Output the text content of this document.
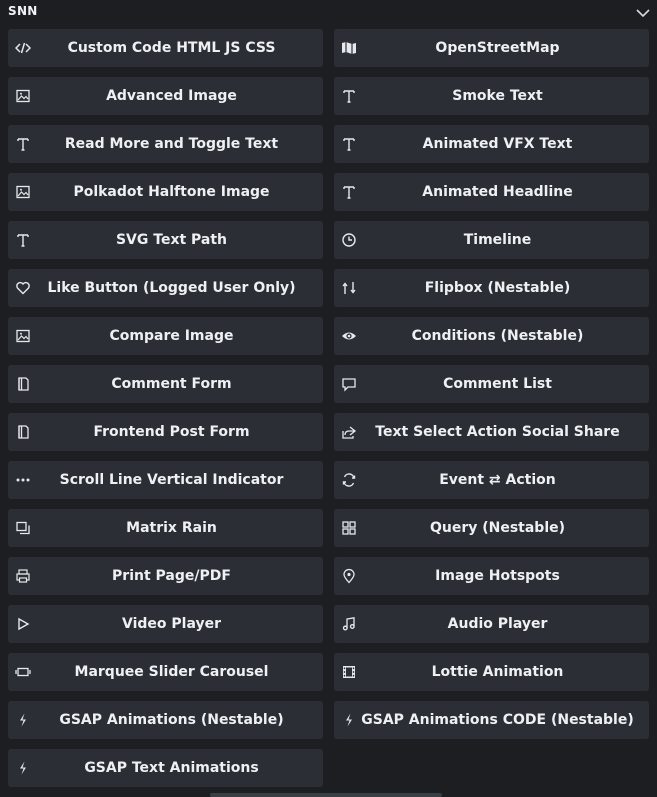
SNN
Custom Code HTML JS CSS	OpenStreetMap
Advanced Image	Smoke Text
Read More and Toggle Text	Animated VFX Text
Polkadot Halftone Image	Animated Headline
SVG Text Path	Timeline
Like Button (Logged User Only)	Flipbox (Nestable)
Compare Image	Conditions (Nestable)
Comment Form	Comment List
Frontend Post Form	Text Select Action Social Share
Scroll Line Vertical Indicator	Event ⇄ Action
Matrix Rain	Query (Nestable)
Print Page/PDF	Image Hotspots
Video Player	Audio Player
Marquee Slider Carousel	Lottie Animation
GSAP Animations (Nestable)	GSAP Animations CODE (Nestable)
GSAP Text Animations
